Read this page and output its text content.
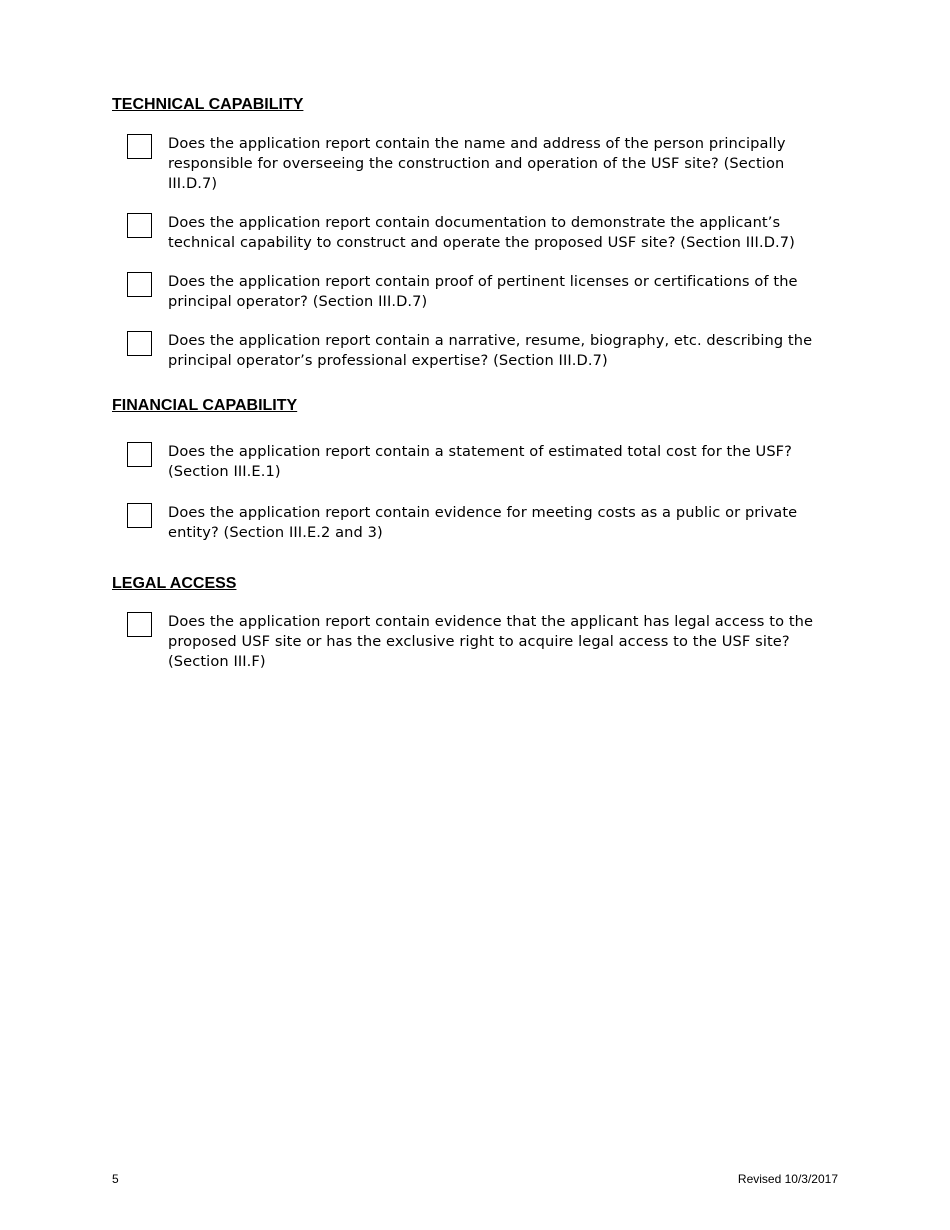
TECHNICAL CAPABILITY

Does the application report contain the name and address of the person principally responsible for overseeing the construction and operation of the USF site? (Section III.D.7)

Does the application report contain documentation to demonstrate the applicant’s technical capability to construct and operate the proposed USF site? (Section III.D.7)

Does the application report contain proof of pertinent licenses or certifications of the principal operator? (Section III.D.7)

Does the application report contain a narrative, resume, biography, etc. describing the principal operator’s professional expertise? (Section III.D.7)

FINANCIAL CAPABILITY

Does the application report contain a statement of estimated total cost for the USF? (Section III.E.1)

Does the application report contain evidence for meeting costs as a public or private entity? (Section III.E.2 and 3)

LEGAL ACCESS

Does the application report contain evidence that the applicant has legal access to the proposed USF site or has the exclusive right to acquire legal access to the USF site? (Section III.F)

5	Revised 10/3/2017
